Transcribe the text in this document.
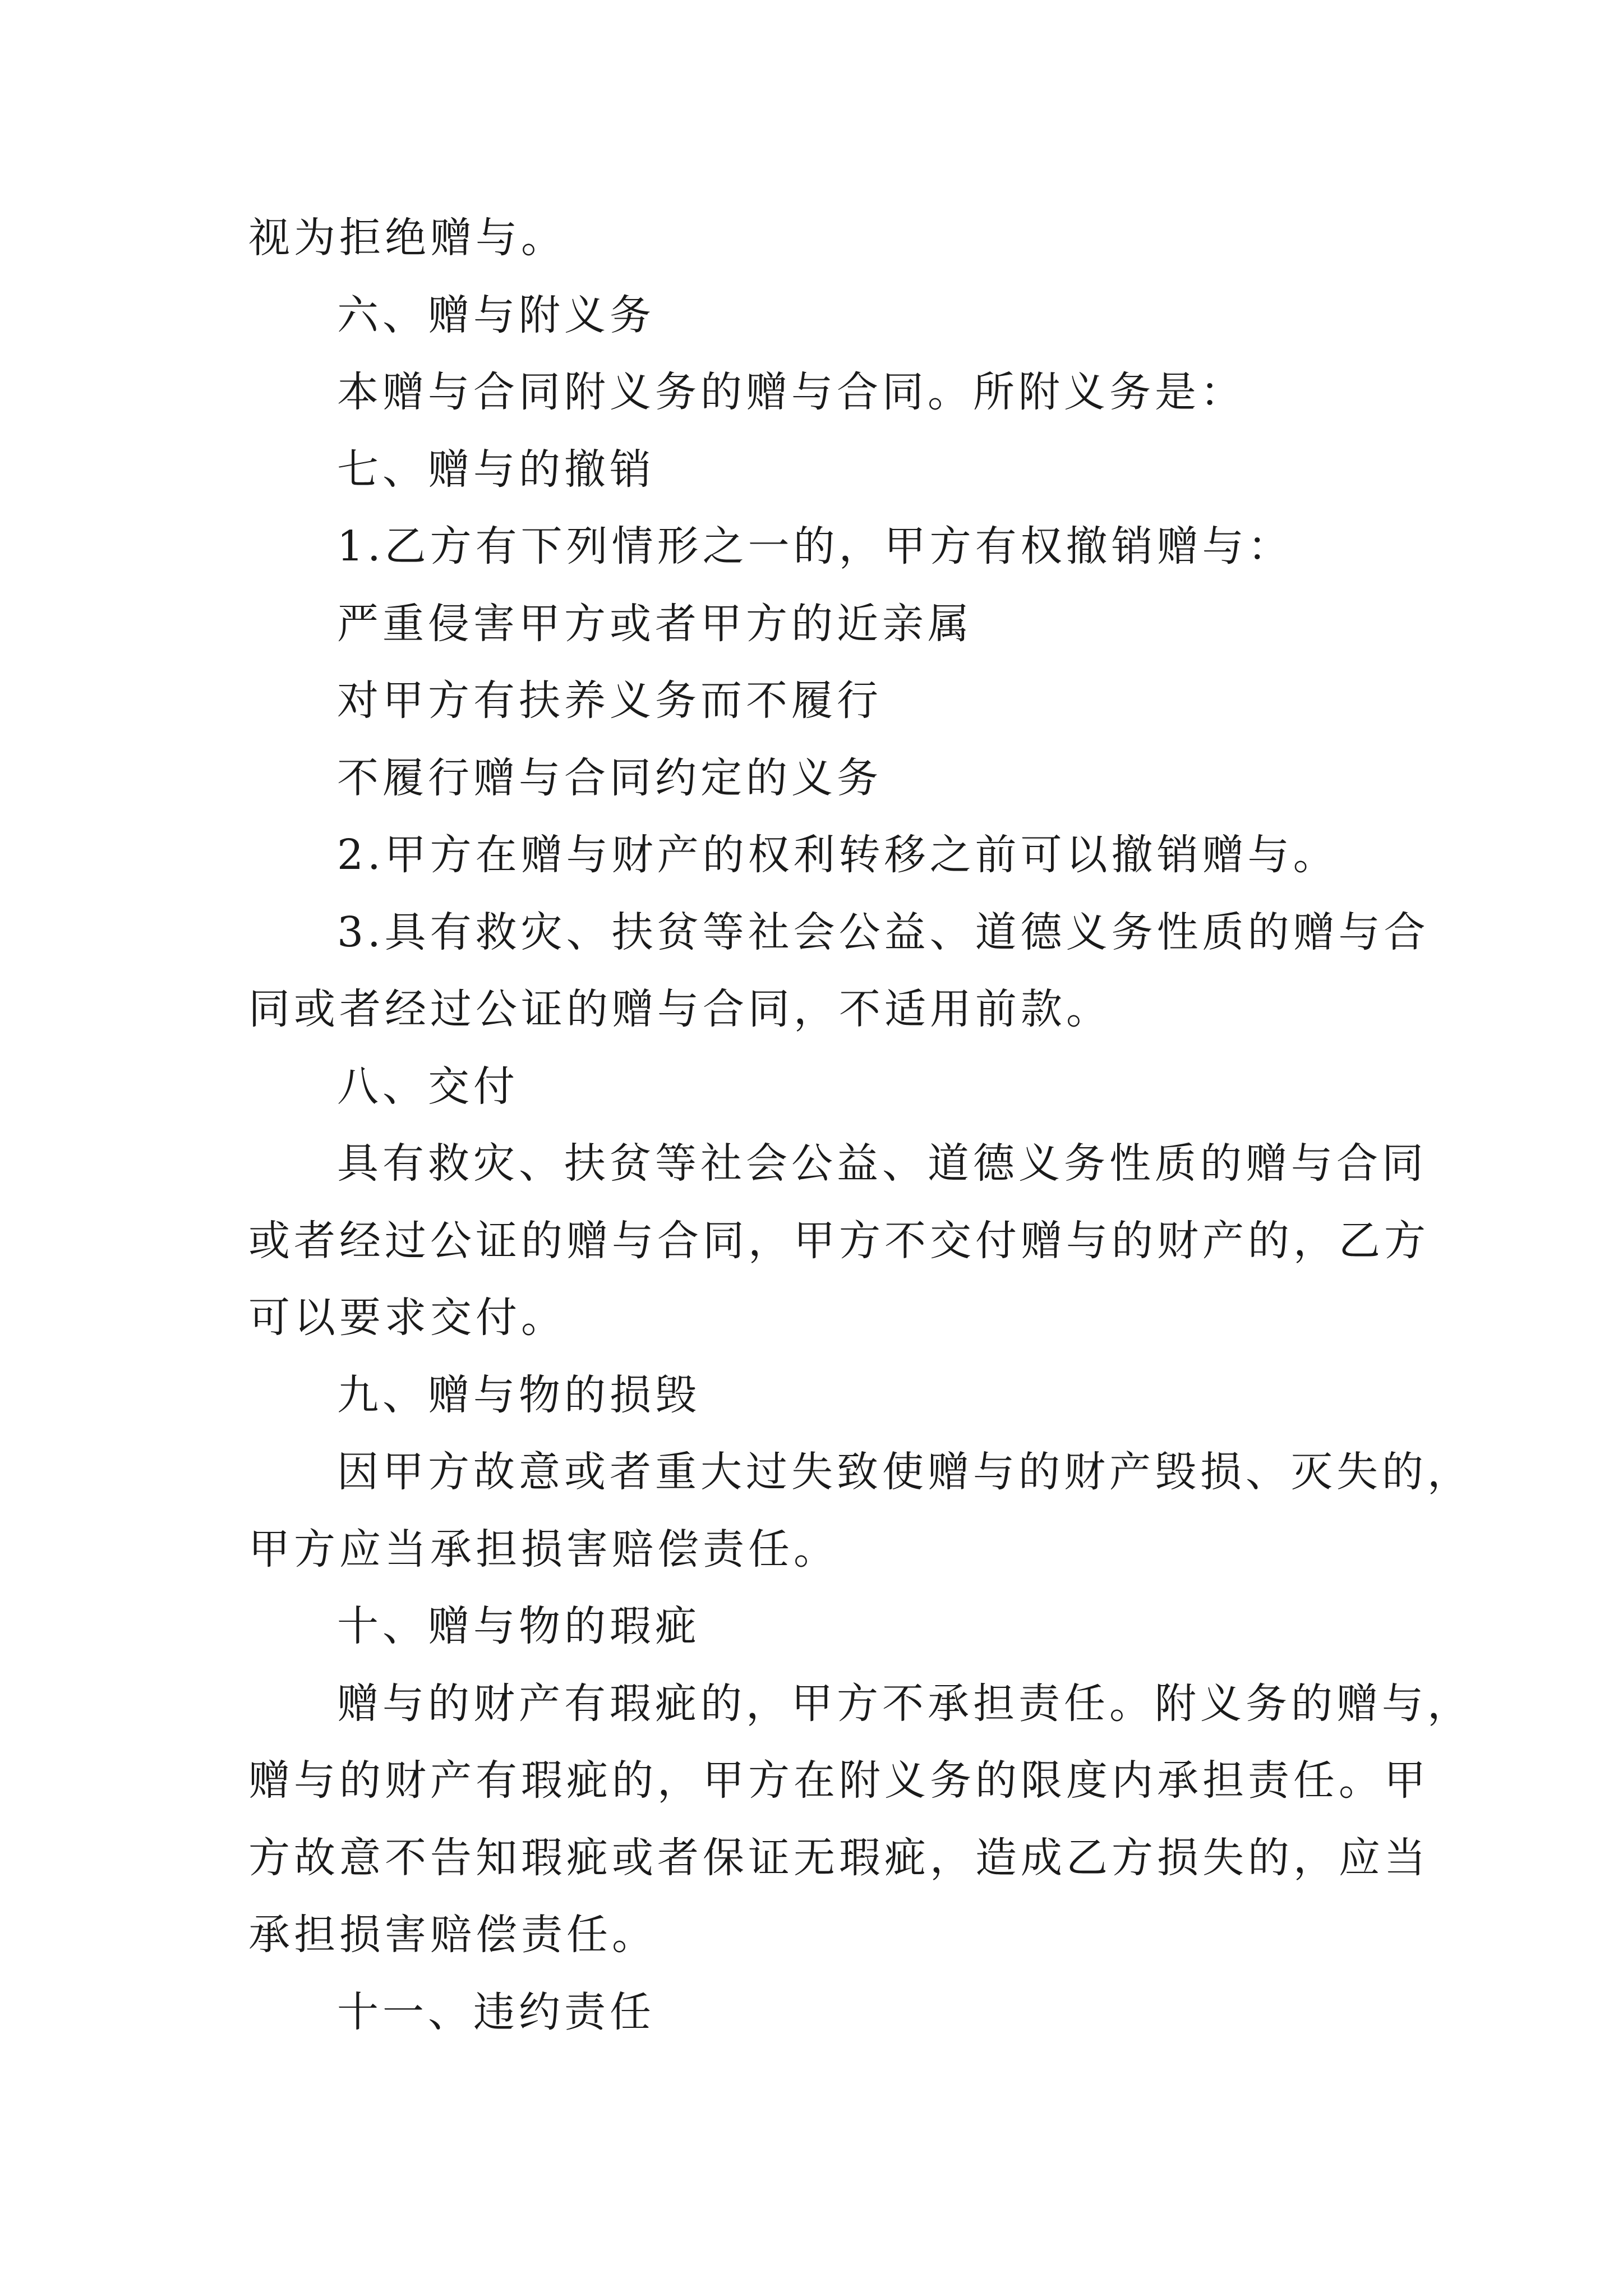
视为拒绝赠与。
六、赠与附义务
本赠与合同附义务的赠与合同。所附义务是：
七、赠与的撤销
1.乙方有下列情形之一的，甲方有权撤销赠与：
严重侵害甲方或者甲方的近亲属
对甲方有扶养义务而不履行
不履行赠与合同约定的义务
2.甲方在赠与财产的权利转移之前可以撤销赠与。
3.具有救灾、扶贫等社会公益、道德义务性质的赠与合
同或者经过公证的赠与合同，不适用前款。
八、交付
具有救灾、扶贫等社会公益、道德义务性质的赠与合同
或者经过公证的赠与合同，甲方不交付赠与的财产的，乙方
可以要求交付。
九、赠与物的损毁
因甲方故意或者重大过失致使赠与的财产毁损、灭失的，
甲方应当承担损害赔偿责任。
十、赠与物的瑕疵
赠与的财产有瑕疵的，甲方不承担责任。附义务的赠与，
赠与的财产有瑕疵的，甲方在附义务的限度内承担责任。甲
方故意不告知瑕疵或者保证无瑕疵，造成乙方损失的，应当
承担损害赔偿责任。
十一、违约责任
